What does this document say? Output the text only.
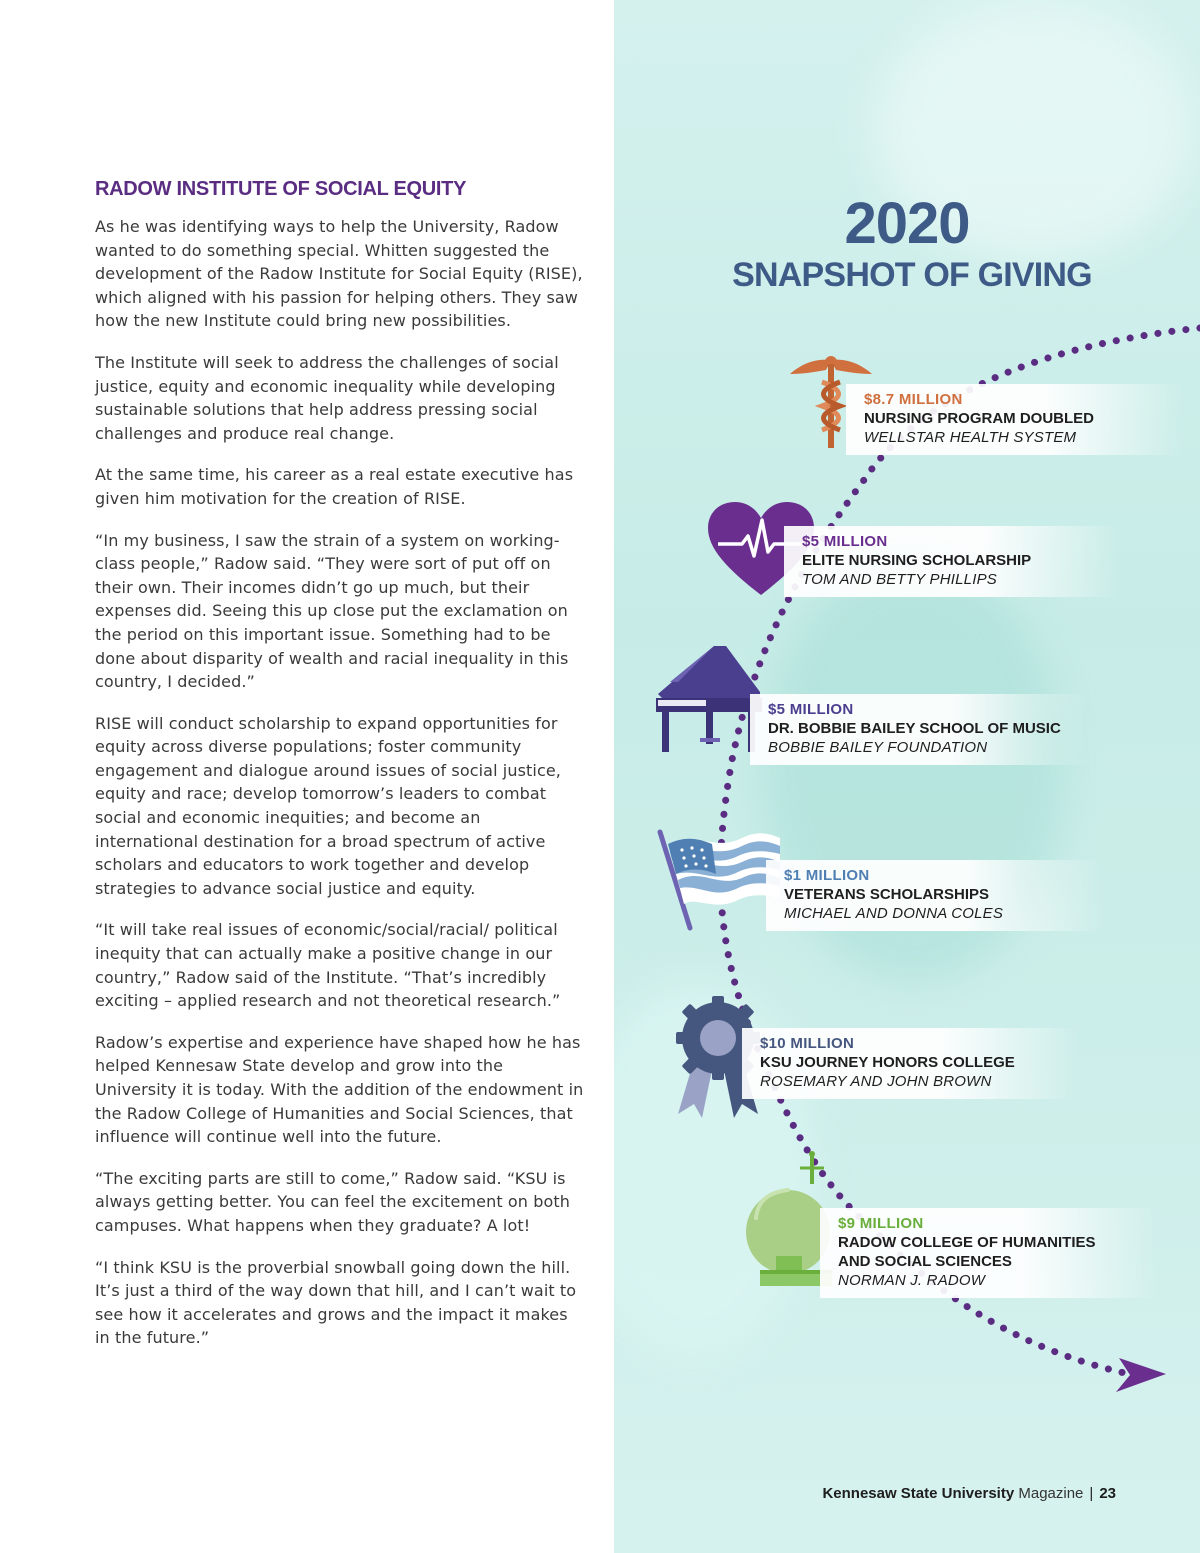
RADOW INSTITUTE OF SOCIAL EQUITY

As he was identifying ways to help the University, Radow wanted to do something special. Whitten suggested the development of the Radow Institute for Social Equity (RISE), which aligned with his passion for helping others. They saw how the new Institute could bring new possibilities.

The Institute will seek to address the challenges of social justice, equity and economic inequality while developing sustainable solutions that help address pressing social challenges and produce real change.

At the same time, his career as a real estate executive has given him motivation for the creation of RISE.

“In my business, I saw the strain of a system on working-class people,” Radow said. “They were sort of put off on their own. Their incomes didn’t go up much, but their expenses did. Seeing this up close put the exclamation on the period on this important issue. Something had to be done about disparity of wealth and racial inequality in this country, I decided.”

RISE will conduct scholarship to expand opportunities for equity across diverse populations; foster community engagement and dialogue around issues of social justice, equity and race; develop tomorrow’s leaders to combat social and economic inequities; and become an international destination for a broad spectrum of active scholars and educators to work together and develop strategies to advance social justice and equity.

“It will take real issues of economic/social/racial/ political inequity that can actually make a positive change in our country,” Radow said of the Institute. “That’s incredibly exciting – applied research and not theoretical research.”

Radow’s expertise and experience have shaped how he has helped Kennesaw State develop and grow into the University it is today. With the addition of the endowment in the Radow College of Humanities and Social Sciences, that influence will continue well into the future.

“The exciting parts are still to come,” Radow said. “KSU is always getting better. You can feel the excitement on both campuses. What happens when they graduate? A lot!

“I think KSU is the proverbial snowball going down the hill. It’s just a third of the way down that hill, and I can’t wait to see how it accelerates and grows and the impact it makes in the future.”

2020
SNAPSHOT OF GIVING
$8.7 MILLION
NURSING PROGRAM DOUBLED
WELLSTAR HEALTH SYSTEM
$5 MILLION
ELITE NURSING SCHOLARSHIP
TOM AND BETTY PHILLIPS
$5 MILLION
DR. BOBBIE BAILEY SCHOOL OF MUSIC
BOBBIE BAILEY FOUNDATION
$1 MILLION
VETERANS SCHOLARSHIPS
MICHAEL AND DONNA COLES
$10 MILLION
KSU JOURNEY HONORS COLLEGE
ROSEMARY AND JOHN BROWN
$9 MILLION
RADOW COLLEGE OF HUMANITIES AND SOCIAL SCIENCES
NORMAN J. RADOW
Kennesaw State University Magazine | 23
